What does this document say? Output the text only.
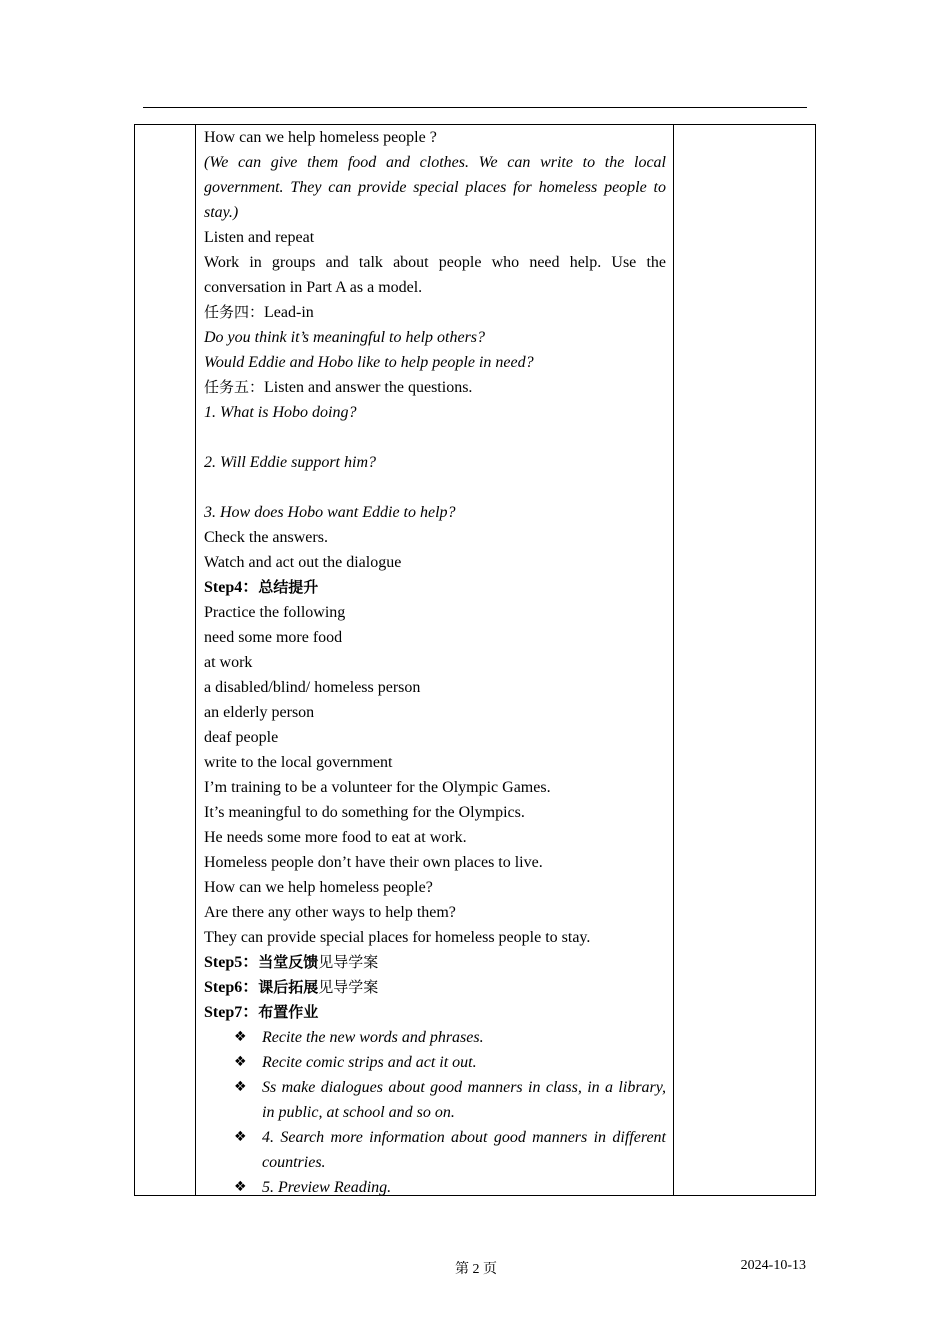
How can we help homeless people ?
(We can give them food and clothes. We can write to the local government. They can provide special places for homeless people to stay.)
Listen and repeat
Work in groups and talk about people who need help. Use the conversation in Part A as a model.
任务四：Lead-in
Do you think it’s meaningful to help others?
Would Eddie and Hobo like to help people in need?
任务五：Listen and answer the questions.
1. What is Hobo doing?
2. Will Eddie support him?
3. How does Hobo want Eddie to help?
Check the answers.
Watch and act out the dialogue
Step4：总结提升
Practice the following
need some more food
at work
a disabled/blind/ homeless person
an elderly person
deaf people
write to the local government
I’m training to be a volunteer for the Olympic Games.
It’s meaningful to do something for the Olympics.
He needs some more food to eat at work.
Homeless people don’t have their own places to live.
How can we help homeless people?
Are there any other ways to help them?
They can provide special places for homeless people to stay.
Step5：当堂反馈见导学案
Step6：课后拓展见导学案
Step7：布置作业
❖ Recite the new words and phrases.
❖ Recite comic strips and act it out.
❖ Ss make dialogues about good manners in class, in a library, in public, at school and so on.
❖ 4. Search more information about good manners in different countries.
❖ 5. Preview Reading.
第 2 页	2024-10-13
